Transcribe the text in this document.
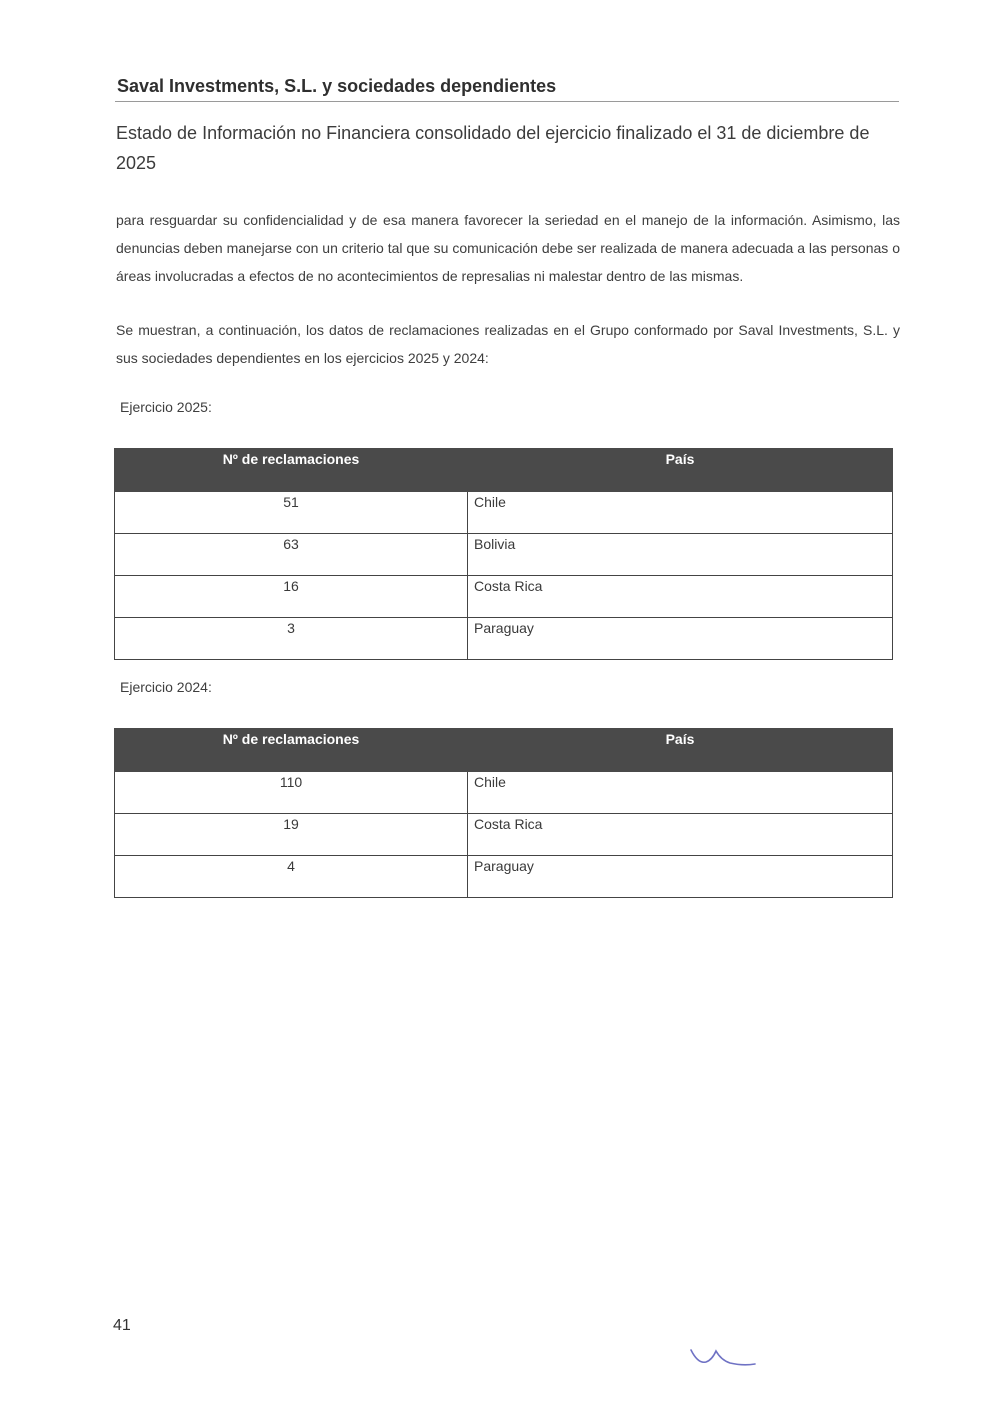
Saval Investments, S.L. y sociedades dependientes
Estado de Información no Financiera consolidado del ejercicio finalizado el 31 de diciembre de 2025
para resguardar su confidencialidad y de esa manera favorecer la seriedad en el manejo de la información. Asimismo, las denuncias deben manejarse con un criterio tal que su comunicación debe ser realizada de manera adecuada a las personas o áreas involucradas a efectos de no acontecimientos de represalias ni malestar dentro de las mismas.
Se muestran, a continuación, los datos de reclamaciones realizadas en el Grupo conformado por Saval Investments, S.L. y sus sociedades dependientes en los ejercicios 2025 y 2024:
Ejercicio 2025:
Nº de reclamaciones	País
51	Chile
63	Bolivia
16	Costa Rica
3	Paraguay
Ejercicio 2024:
Nº de reclamaciones	País
110	Chile
19	Costa Rica
4	Paraguay
41
